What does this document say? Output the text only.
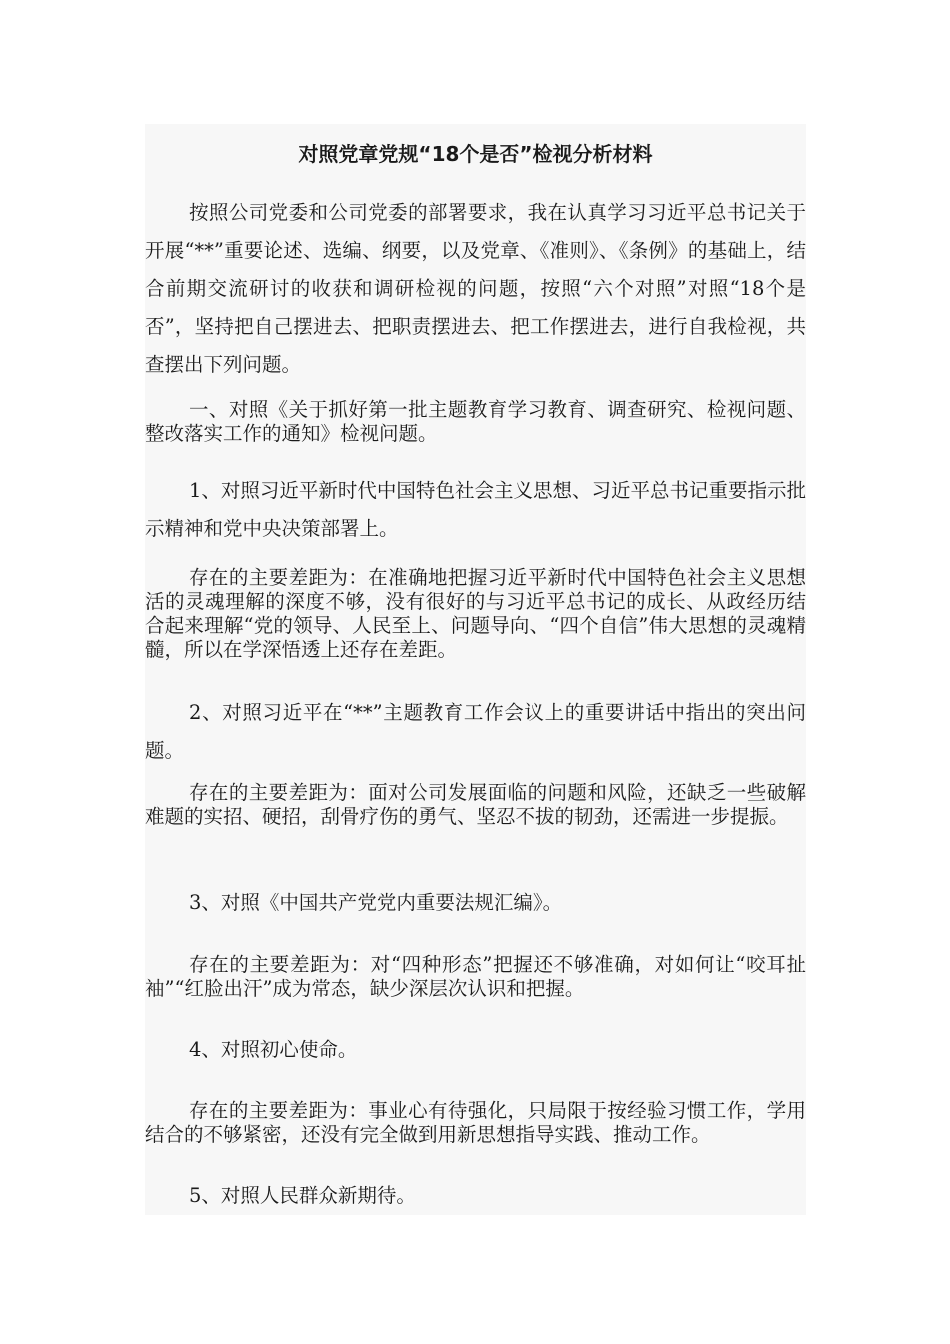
对照党章党规“18个是否”检视分析材料

按照公司党委和公司党委的部署要求，我在认真学习习近平总书记关于开展“**”重要论述、选编、纲要，以及党章、《准则》、《条例》的基础上，结合前期交流研讨的收获和调研检视的问题，按照“六个对照”对照“18个是否”，坚持把自己摆进去、把职责摆进去、把工作摆进去，进行自我检视，共查摆出下列问题。

一、对照《关于抓好第一批主题教育学习教育、调查研究、检视问题、整改落实工作的通知》检视问题。

1、对照习近平新时代中国特色社会主义思想、习近平总书记重要指示批示精神和党中央决策部署上。

存在的主要差距为：在准确地把握习近平新时代中国特色社会主义思想活的灵魂理解的深度不够，没有很好的与习近平总书记的成长、从政经历结合起来理解“党的领导、人民至上、问题导向、“四个自信”伟大思想的灵魂精髓，所以在学深悟透上还存在差距。

2、对照习近平在“**”主题教育工作会议上的重要讲话中指出的突出问题。

存在的主要差距为：面对公司发展面临的问题和风险，还缺乏一些破解难题的实招、硬招，刮骨疗伤的勇气、坚忍不拔的韧劲，还需进一步提振。

3、对照《中国共产党党内重要法规汇编》。

存在的主要差距为：对“四种形态”把握还不够准确，对如何让“咬耳扯袖”“红脸出汗”成为常态，缺少深层次认识和把握。

4、对照初心使命。

存在的主要差距为：事业心有待强化，只局限于按经验习惯工作，学用结合的不够紧密，还没有完全做到用新思想指导实践、推动工作。

5、对照人民群众新期待。
